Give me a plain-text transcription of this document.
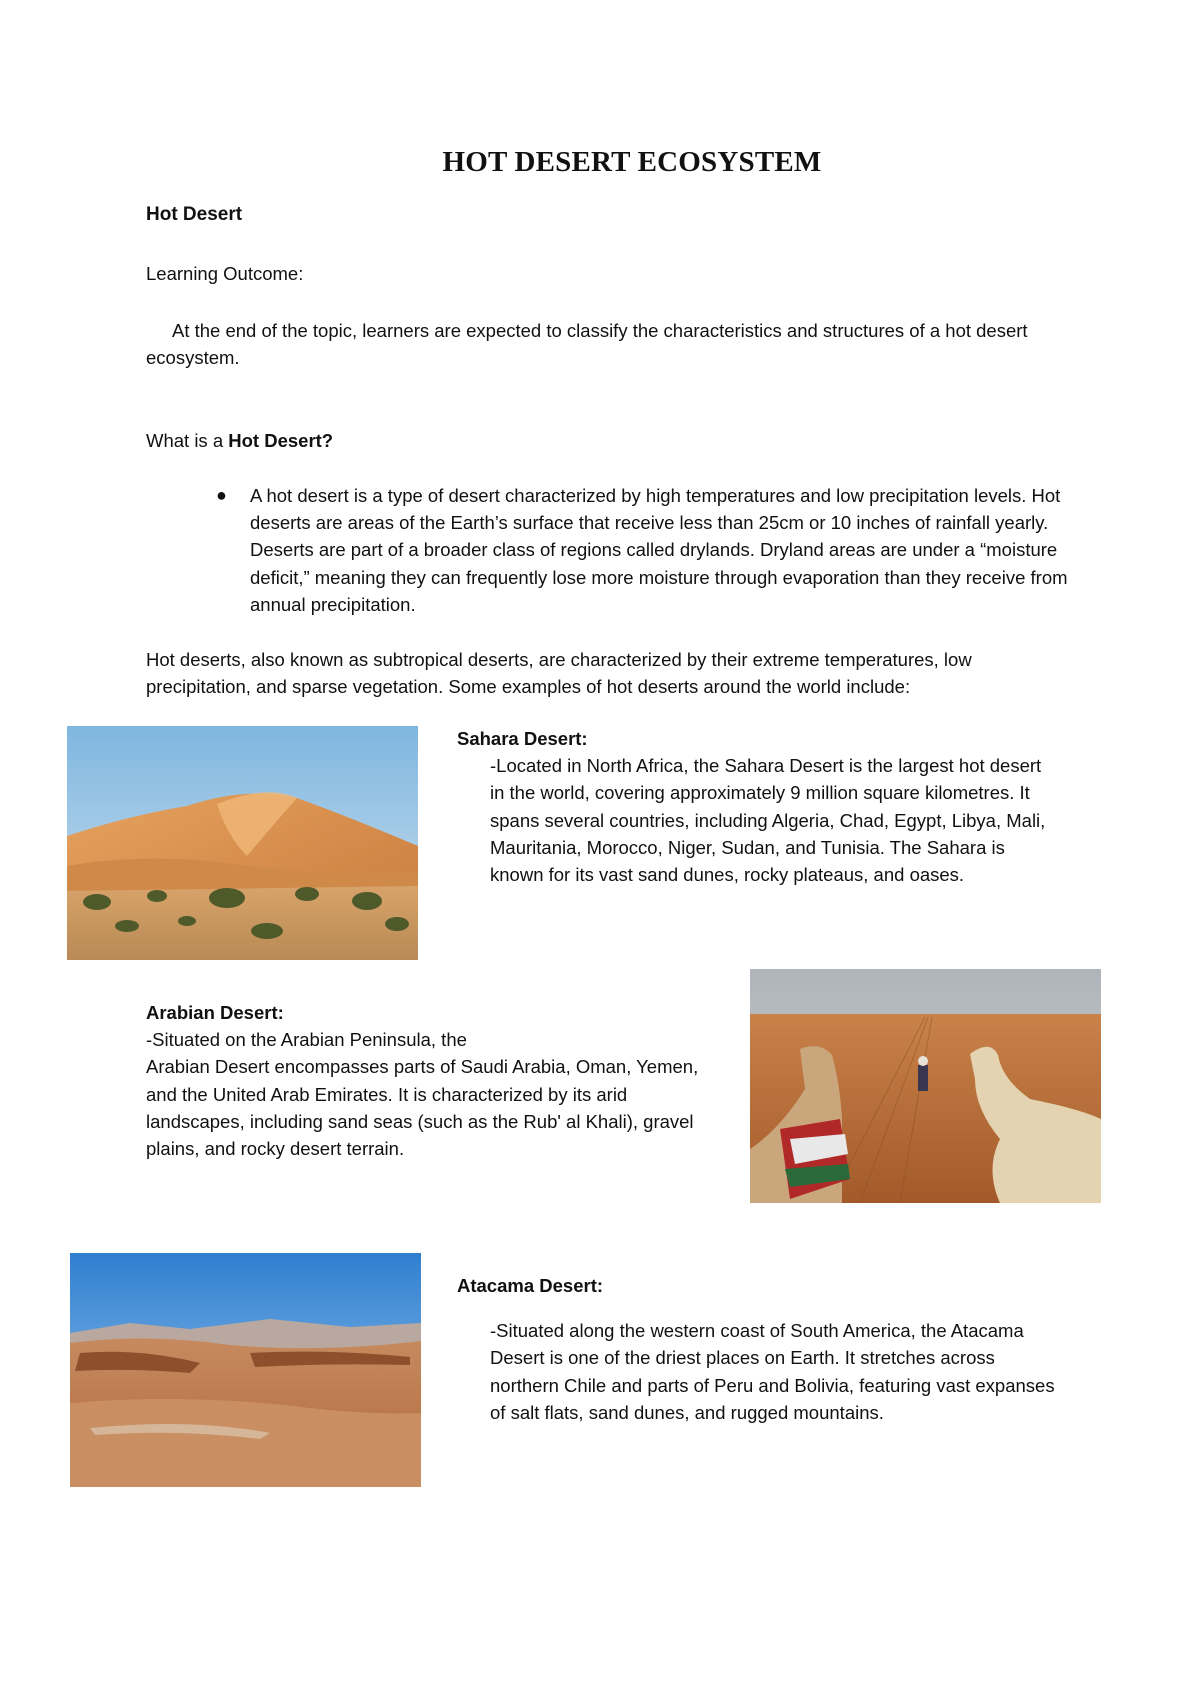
HOT DESERT ECOSYSTEM
Hot Desert
Learning Outcome:
At the end of the topic, learners are expected to classify the characteristics and structures of a hot desert ecosystem.
What is a Hot Desert?
● A hot desert is a type of desert characterized by high temperatures and low precipitation levels. Hot deserts are areas of the Earth’s surface that receive less than 25cm or 10 inches of rainfall yearly. Deserts are part of a broader class of regions called drylands. Dryland areas are under a “moisture deficit,” meaning they can frequently lose more moisture through evaporation than they receive from annual precipitation.
Hot deserts, also known as subtropical deserts, are characterized by their extreme temperatures, low precipitation, and sparse vegetation. Some examples of hot deserts around the world include:
Sahara Desert:
-Located in North Africa, the Sahara Desert is the largest hot desert in the world, covering approximately 9 million square kilometres. It spans several countries, including Algeria, Chad, Egypt, Libya, Mali, Mauritania, Morocco, Niger, Sudan, and Tunisia. The Sahara is known for its vast sand dunes, rocky plateaus, and oases.
Arabian Desert:
-Situated on the Arabian Peninsula, the
Arabian Desert encompasses parts of Saudi Arabia, Oman, Yemen, and the United Arab Emirates. It is characterized by its arid landscapes, including sand seas (such as the Rub' al Khali), gravel plains, and rocky desert terrain.
Atacama Desert:
-Situated along the western coast of South America, the Atacama Desert is one of the driest places on Earth. It stretches across northern Chile and parts of Peru and Bolivia, featuring vast expanses of salt flats, sand dunes, and rugged mountains.
